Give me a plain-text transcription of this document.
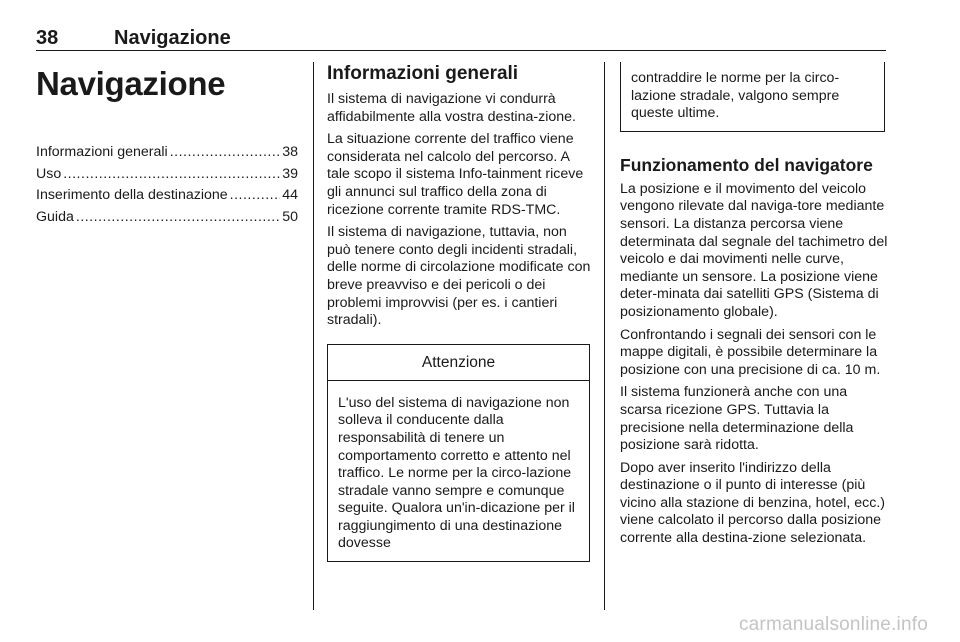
38	Navigazione
Navigazione
Informazioni generali .....	38
Uso .....	39
Inserimento della destinazione .....	44
Guida .....	50
Informazioni generali

Il sistema di navigazione vi condurrà affidabilmente alla vostra destina-zione.

La situazione corrente del traffico viene considerata nel calcolo del percorso. A tale scopo il sistema Info-tainment riceve gli annunci sul traffico della zona di ricezione corrente tramite RDS-TMC.

Il sistema di navigazione, tuttavia, non può tenere conto degli incidenti stradali, delle norme di circolazione modificate con breve preavviso e dei pericoli o dei problemi improvvisi (per es. i cantieri stradali).

Attenzione
L'uso del sistema di navigazione non solleva il conducente dalla responsabilità di tenere un comportamento corretto e attento nel traffico. Le norme per la circo-lazione stradale vanno sempre e comunque seguite. Qualora un'in-dicazione per il raggiungimento di una destinazione dovesse
contraddire le norme per la circo-lazione stradale, valgono sempre queste ultime.
Funzionamento del navigatore

La posizione e il movimento del veicolo vengono rilevate dal naviga-tore mediante sensori. La distanza percorsa viene determinata dal segnale del tachimetro del veicolo e dai movimenti nelle curve, mediante un sensore. La posizione viene deter-minata dai satelliti GPS (Sistema di posizionamento globale).

Confrontando i segnali dei sensori con le mappe digitali, è possibile determinare la posizione con una precisione di ca. 10 m.

Il sistema funzionerà anche con una scarsa ricezione GPS. Tuttavia la precisione nella determinazione della posizione sarà ridotta.

Dopo aver inserito l'indirizzo della destinazione o il punto di interesse (più vicino alla stazione di benzina, hotel, ecc.) viene calcolato il percorso dalla posizione corrente alla destina-zione selezionata.

carmanualsonline.info
